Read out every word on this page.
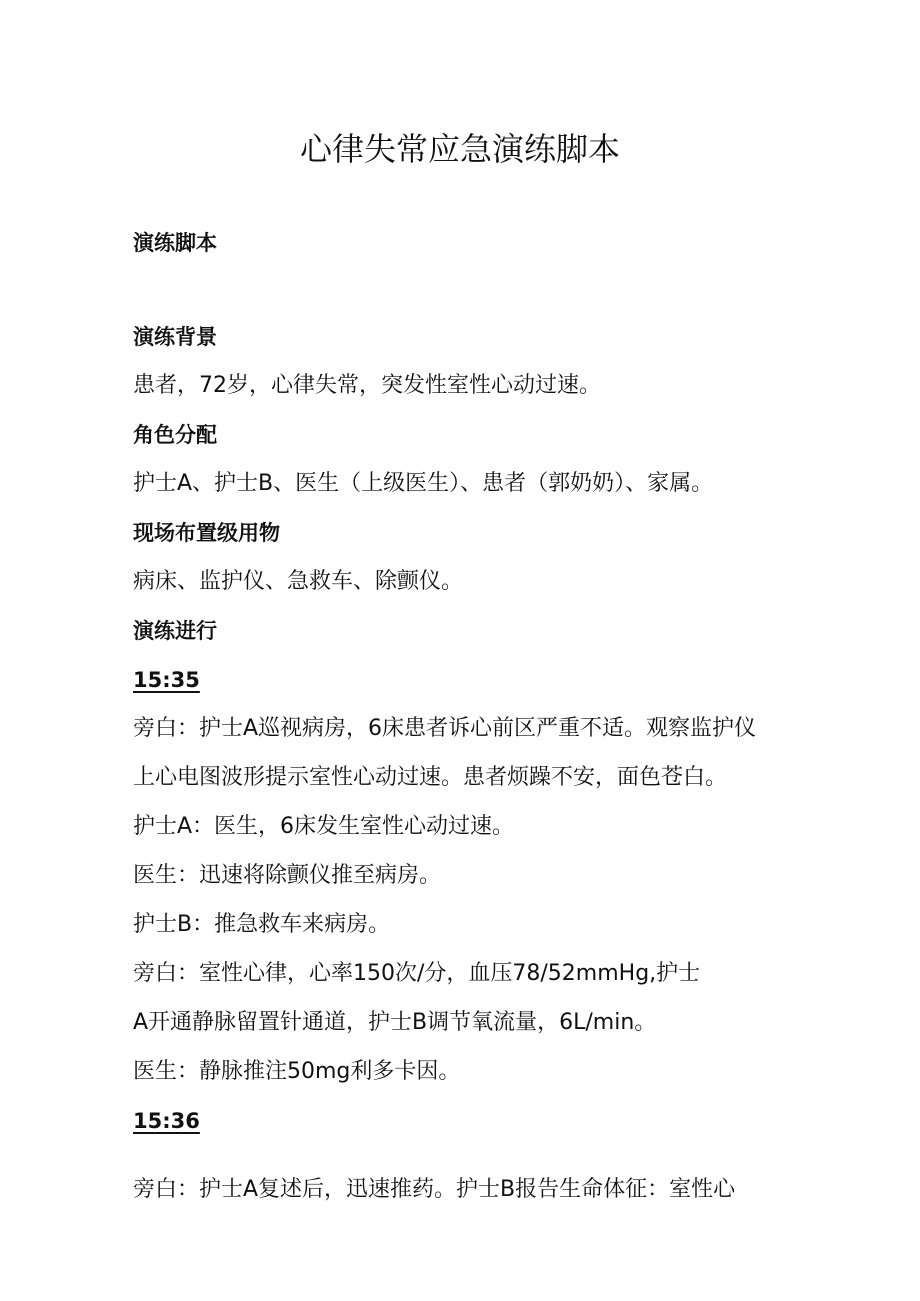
心律失常应急演练脚本

演练脚本

演练背景

患者，72岁，心律失常，突发性室性心动过速。

角色分配

护士A、护士B、医生（上级医生）、患者（郭奶奶）、家属。

现场布置级用物

病床、监护仪、急救车、除颤仪。

演练进行

15:35

旁白：护士A巡视病房，6床患者诉心前区严重不适。观察监护仪

上心电图波形提示室性心动过速。患者烦躁不安，面色苍白。

护士A：医生，6床发生室性心动过速。

医生：迅速将除颤仪推至病房。

护士B：推急救车来病房。

旁白：室性心律，心率150次/分，血压78/52mmHg,护士

A开通静脉留置针通道，护士B调节氧流量，6L/min。

医生：静脉推注50mg利多卡因。

15:36

旁白：护士A复述后，迅速推药。护士B报告生命体征：室性心
